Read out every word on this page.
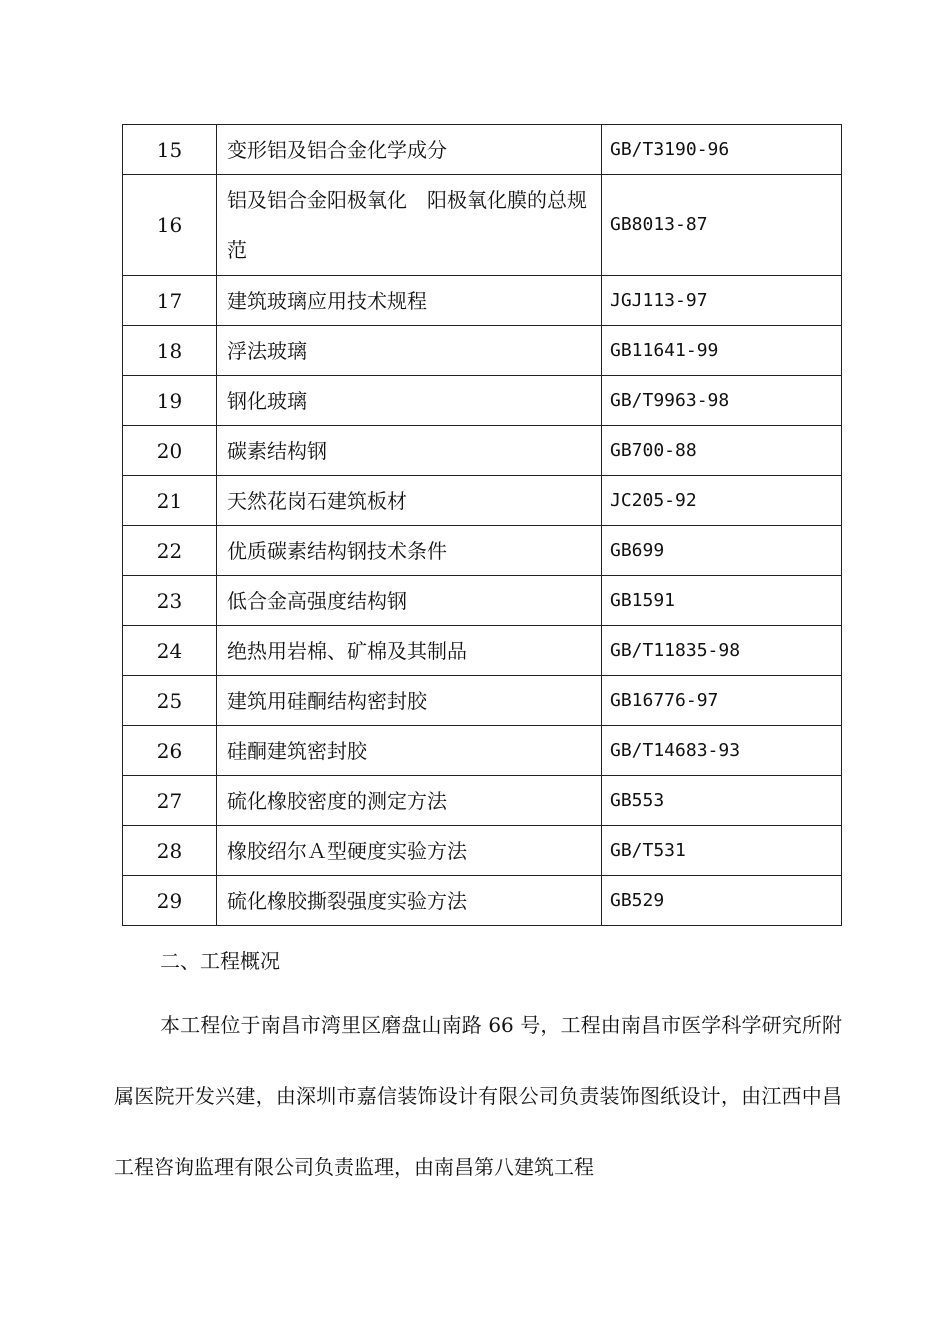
15	变形铝及铝合金化学成分	GB/T3190-96
16	铝及铝合金阳极氧化　阳极氧化膜的总规范	GB8013-87
17	建筑玻璃应用技术规程	JGJ113-97
18	浮法玻璃	GB11641-99
19	钢化玻璃	GB/T9963-98
20	碳素结构钢	GB700-88
21	天然花岗石建筑板材	JC205-92
22	优质碳素结构钢技术条件	GB699
23	低合金高强度结构钢	GB1591
24	绝热用岩棉、矿棉及其制品	GB/T11835-98
25	建筑用硅酮结构密封胶	GB16776-97
26	硅酮建筑密封胶	GB/T14683-93
27	硫化橡胶密度的测定方法	GB553
28	橡胶绍尔Ａ型硬度实验方法	GB/T531
29	硫化橡胶撕裂强度实验方法	GB529

二、工程概况

本工程位于南昌市湾里区磨盘山南路 66 号，工程由南昌市医学科学研究所附属医院开发兴建，由深圳市嘉信装饰设计有限公司负责装饰图纸设计，由江西中昌工程咨询监理有限公司负责监理，由南昌第八建筑工程
